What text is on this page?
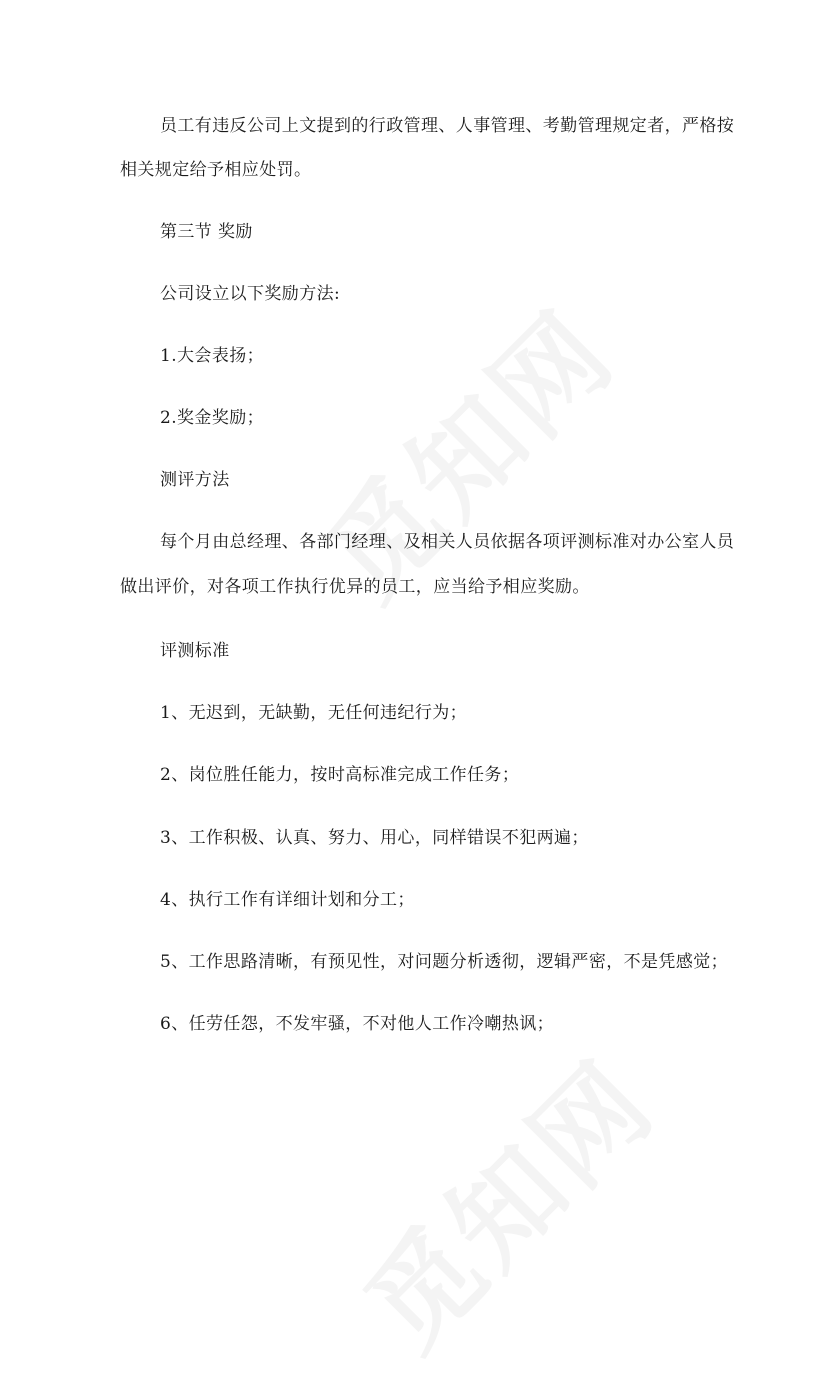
员工有违反公司上文提到的行政管理、人事管理、考勤管理规定者，严格按
相关规定给予相应处罚。
第三节 奖励
公司设立以下奖励方法:
1.大会表扬；
2.奖金奖励；
测评方法
每个月由总经理、各部门经理、及相关人员依据各项评测标准对办公室人员
做出评价，对各项工作执行优异的员工，应当给予相应奖励。
评测标准
1、无迟到，无缺勤，无任何违纪行为；
2、岗位胜任能力，按时高标准完成工作任务；
3、工作积极、认真、努力、用心，同样错误不犯两遍；
4、执行工作有详细计划和分工；
5、工作思路清晰，有预见性，对问题分析透彻，逻辑严密，不是凭感觉；
6、任劳任怨，不发牢骚，不对他人工作冷嘲热讽；
